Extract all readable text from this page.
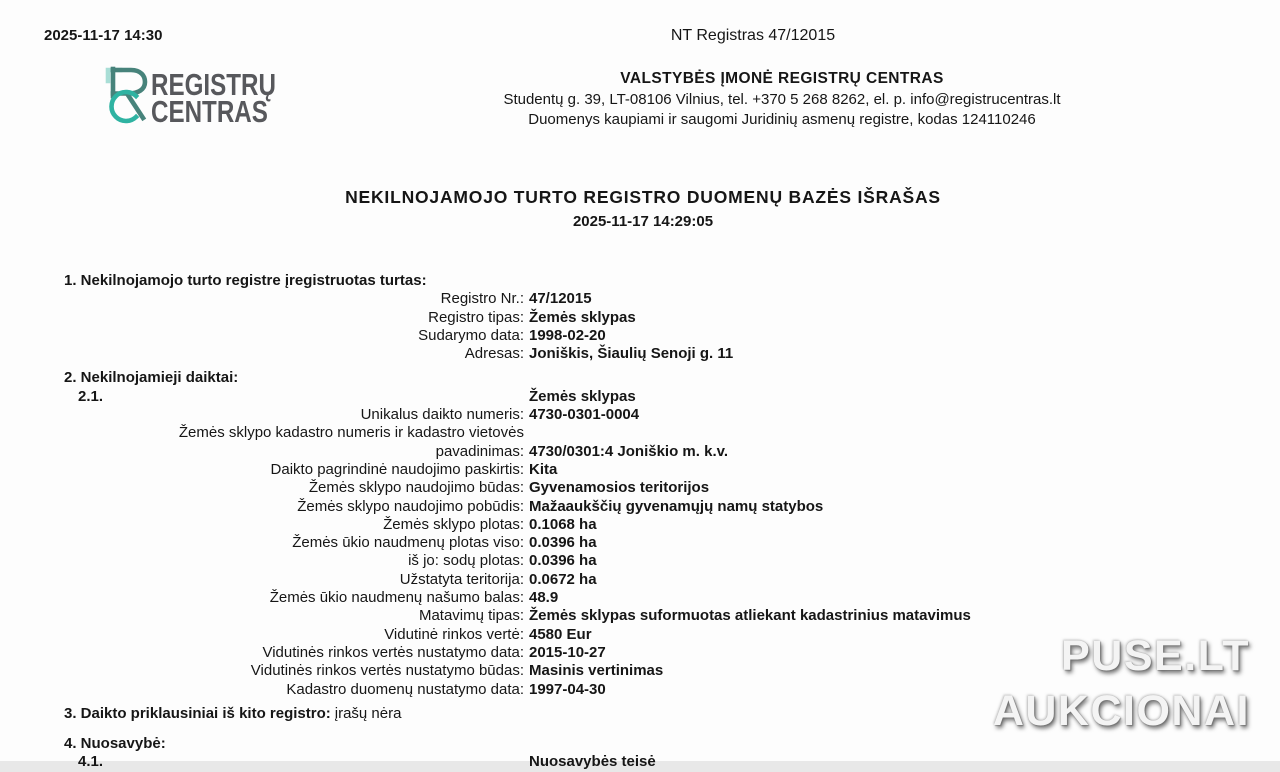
2025-11-17 14:30	NT Registras 47/12015
REGISTRŲ
CENTRAS
VALSTYBĖS ĮMONĖ REGISTRŲ CENTRAS
Studentų g. 39, LT-08106 Vilnius, tel. +370 5 268 8262, el. p. info@registrucentras.lt
Duomenys kaupiami ir saugomi Juridinių asmenų registre, kodas 124110246
NEKILNOJAMOJO TURTO REGISTRO DUOMENŲ BAZĖS IŠRAŠAS
2025-11-17 14:29:05
1. Nekilnojamojo turto registre įregistruotas turtas:
Registro Nr.: 47/12015
Registro tipas: Žemės sklypas
Sudarymo data: 1998-02-20
Adresas: Joniškis, Šiaulių Senoji g. 11
2. Nekilnojamieji daiktai:
2.1.	Žemės sklypas
Unikalus daikto numeris: 4730-0301-0004
Žemės sklypo kadastro numeris ir kadastro vietovės
pavadinimas: 4730/0301:4 Joniškio m. k.v.
Daikto pagrindinė naudojimo paskirtis: Kita
Žemės sklypo naudojimo būdas: Gyvenamosios teritorijos
Žemės sklypo naudojimo pobūdis: Mažaaukščių gyvenamųjų namų statybos
Žemės sklypo plotas: 0.1068 ha
Žemės ūkio naudmenų plotas viso: 0.0396 ha
iš jo: sodų plotas: 0.0396 ha
Užstatyta teritorija: 0.0672 ha
Žemės ūkio naudmenų našumo balas: 48.9
Matavimų tipas: Žemės sklypas suformuotas atliekant kadastrinius matavimus
Vidutinė rinkos vertė: 4580 Eur
Vidutinės rinkos vertės nustatymo data: 2015-10-27
Vidutinės rinkos vertės nustatymo būdas: Masinis vertinimas
Kadastro duomenų nustatymo data: 1997-04-30
3. Daikto priklausiniai iš kito registro: įrašų nėra
4. Nuosavybė:
4.1.	Nuosavybės teisė
PUSE.LT
AUKCIONAI
